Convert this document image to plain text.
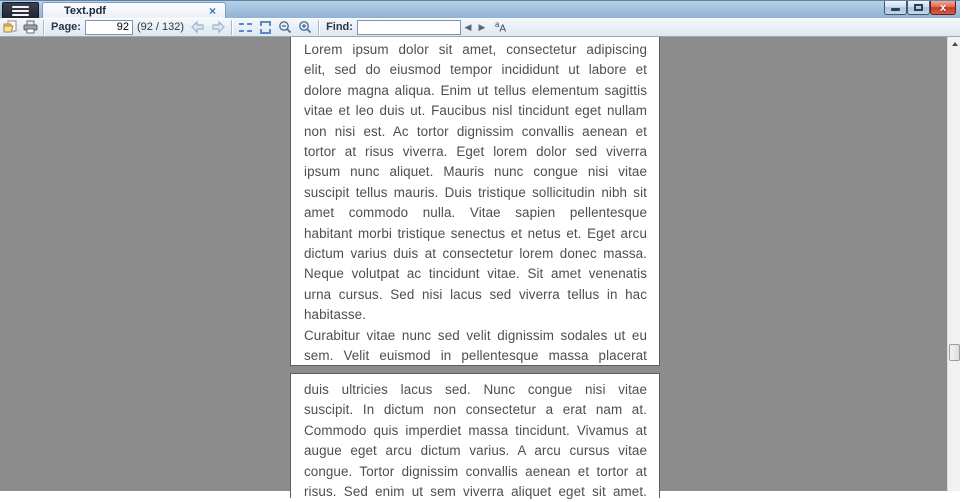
Text.pdf	×	x
Page:
92	(92 / 132)	Find:	◀ ▶ $^a$A
Lorem ipsum dolor sit amet, consectetur adipiscing
elit, sed do eiusmod tempor incididunt ut labore et
dolore magna aliqua. Enim ut tellus elementum sagittis
vitae et leo duis ut. Faucibus nisl tincidunt eget nullam
non nisi est. Ac tortor dignissim convallis aenean et
tortor at risus viverra. Eget lorem dolor sed viverra
ipsum nunc aliquet. Mauris nunc congue nisi vitae
suscipit tellus mauris. Duis tristique sollicitudin nibh sit
amet commodo nulla. Vitae sapien pellentesque
habitant morbi tristique senectus et netus et. Eget arcu
dictum varius duis at consectetur lorem donec massa.
Neque volutpat ac tincidunt vitae. Sit amet venenatis
urna cursus. Sed nisi lacus sed viverra tellus in hac
habitasse.
Curabitur vitae nunc sed velit dignissim sodales ut eu
sem. Velit euismod in pellentesque massa placerat
duis ultricies lacus sed. Nunc congue nisi vitae
suscipit. In dictum non consectetur a erat nam at.
Commodo quis imperdiet massa tincidunt. Vivamus at
augue eget arcu dictum varius. A arcu cursus vitae
congue. Tortor dignissim convallis aenean et tortor at
risus. Sed enim ut sem viverra aliquet eget sit amet.
